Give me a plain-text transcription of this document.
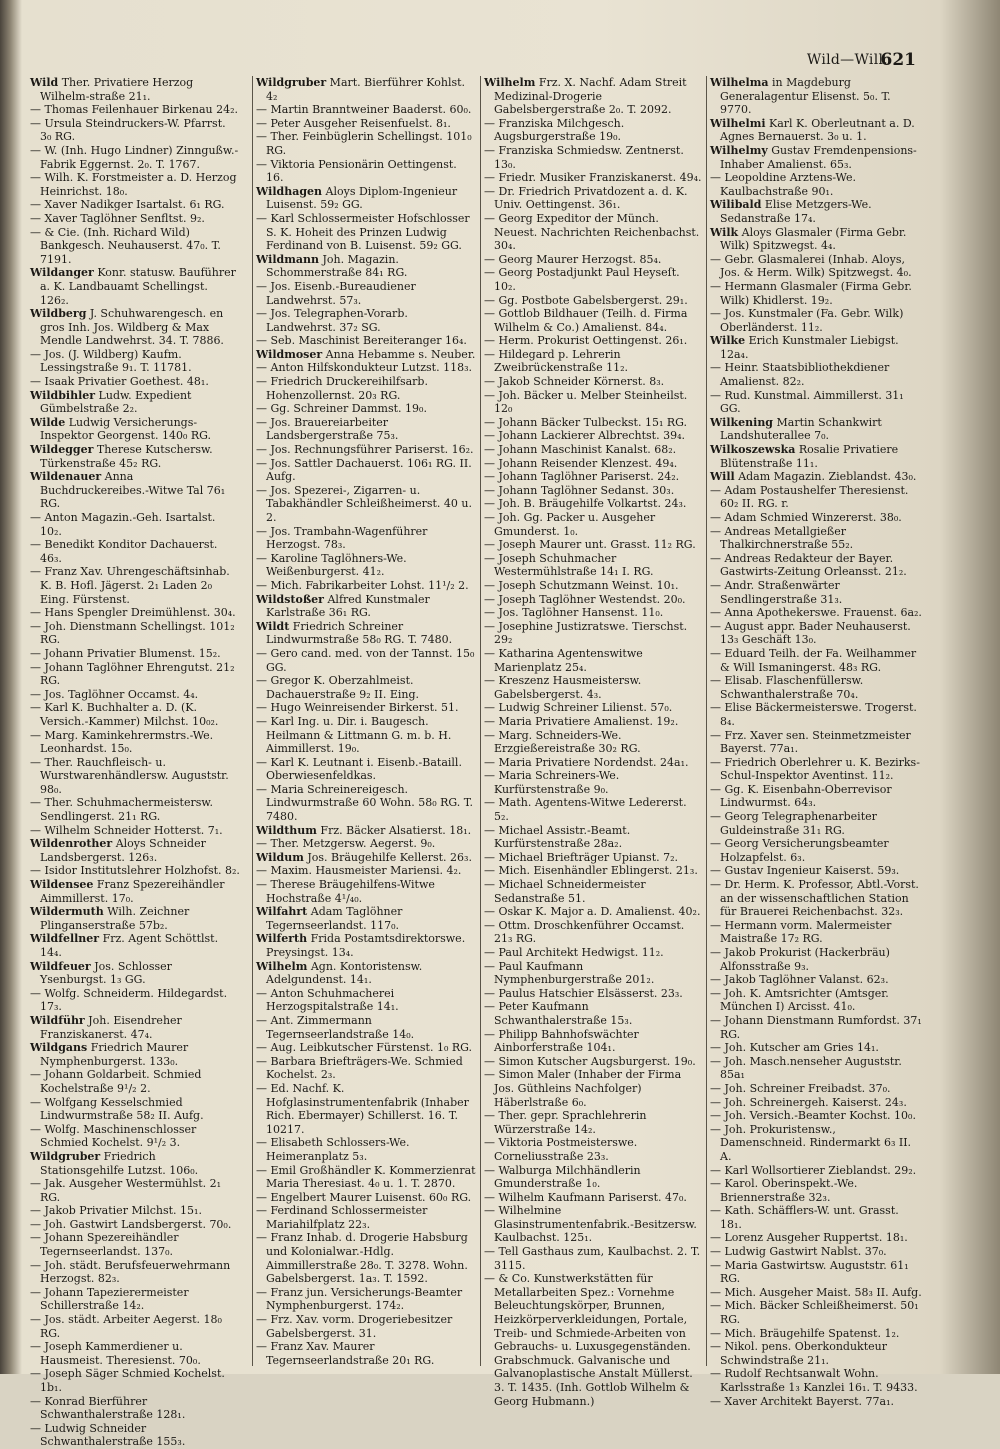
Wild—Will.
621

Wild Ther. Privatiere Herzog Wilhelm-straße 21₁.

— Thomas Feilenhauer Birkenau 24₂.

— Ursula Steindruckers-W. Pfarrst. 3₀ RG.

— W. (Inh. Hugo Lindner) Zinngußw.-Fabrik Eggernst. 2₀. T. 1767.

— Wilh. K. Forstmeister a. D. Herzog Heinrichst. 18₀.

— Xaver Nadikger Isartalst. 6₁ RG.

— Xaver Taglöhner Senfltst. 9₂.

— & Cie. (Inh. Richard Wild) Bankgesch. Neuhauserst. 47₀. T. 7191.

Wildanger Konr. statusw. Bauführer a. K. Landbauamt Schellingst. 126₂.

Wildberg J. Schuhwarengesch. en gros Inh. Jos. Wildberg & Max Mendle Landwehrst. 34. T. 7886.

— Jos. (J. Wildberg) Kaufm. Lessingstraße 9₁. T. 11781.

— Isaak Privatier Goethest. 48₁.

Wildbihler Ludw. Expedient Gümbelstraße 2₂.

Wilde Ludwig Versicherungs-Inspektor Georgenst. 140₀ RG.

Wildegger Therese Kutschersw. Türkenstraße 45₂ RG.

Wildenauer Anna Buchdruckereibes.-Witwe Tal 76₁ RG.

— Anton Magazin.-Geh. Isartalst. 10₂.

— Benedikt Konditor Dachauerst. 46₃.

— Franz Xav. Uhrengeschäftsinhab. K. B. Hofl. Jägerst. 2₁ Laden 2₀ Eing. Fürstenst.

— Hans Spengler Dreimühlenst. 30₄.

— Joh. Dienstmann Schellingst. 101₂ RG.

— Johann Privatier Blumenst. 15₂.

— Johann Taglöhner Ehrengutst. 21₂ RG.

— Jos. Taglöhner Occamst. 4₄.

— Karl K. Buchhalter a. D. (K. Versich.-Kammer) Milchst. 10₀₂.

— Marg. Kaminkehrermstrs.-We. Leonhardst. 15₀.

— Ther. Rauchfleisch- u. Wurstwarenhändlersw. Auguststr. 98₀.

— Ther. Schuhmachermeistersw. Sendlingerst. 21₁ RG.

— Wilhelm Schneider Hotterst. 7₁.

Wildenrother Aloys Schneider Landsbergerst. 126₃.

— Isidor Institutslehrer Holzhofst. 8₂.

Wildensee Franz Spezereihändler Aimmillerst. 17₀.

Wildermuth Wilh. Zeichner Plinganserstraße 57b₂.

Wildfellner Frz. Agent Schöttlst. 14₄.

Wildfeuer Jos. Schlosser Ysenburgst. 1₃ GG.

— Wolfg. Schneiderm. Hildegardst. 17₃.

Wildführ Joh. Eisendreher Franziskanerst. 47₄.

Wildgans Friedrich Maurer Nymphenburgerst. 133₀.

— Johann Goldarbeit. Schmied Kochelstraße 9¹/₂ 2.

— Wolfgang Kesselschmied Lindwurmstraße 58₂ II. Aufg.

— Wolfg. Maschinenschlosser Schmied Kochelst. 9¹/₂ 3.

Wildgruber Friedrich Stationsgehilfe Lutzst. 106₀.

— Jak. Ausgeher Westermühlst. 2₁ RG.

— Jakob Privatier Milchst. 15₁.

— Joh. Gastwirt Landsbergerst. 70₀.

— Johann Spezereihändler Tegernseerlandst. 137₀.

— Joh. städt. Berufsfeuerwehrmann Herzogst. 82₃.

— Johann Tapezierermeister Schillerstraße 14₂.

— Jos. städt. Arbeiter Aegerst. 18₀ RG.

— Joseph Kammerdiener u. Hausmeist. Theresienst. 70₀.

— Joseph Säger Schmied Kochelst. 1b₁.

— Konrad Bierführer Schwanthalerstraße 128₁.

— Ludwig Schneider Schwanthalerstraße 155₃.

Wildgruber Mart. Bierführer Kohlst. 4₂

— Martin Branntweiner Baaderst. 60₀.

— Peter Ausgeher Reisenfuelst. 8₁.

— Ther. Feinbüglerin Schellingst. 101₀ RG.

— Viktoria Pensionärin Oettingenst. 16.

Wildhagen Aloys Diplom-Ingenieur Luisenst. 59₂ GG.

— Karl Schlossermeister Hofschlosser S. K. Hoheit des Prinzen Ludwig Ferdinand von B. Luisenst. 59₂ GG.

Wildmann Joh. Magazin. Schommerstraße 84₁ RG.

— Jos. Eisenb.-Bureaudiener Landwehrst. 57₃.

— Jos. Telegraphen-Vorarb. Landwehrst. 37₂ SG.

— Seb. Maschinist Bereiteranger 16₄.

Wildmoser Anna Hebamme s. Neuber.

— Anton Hilfskondukteur Lutzst. 118₃.

— Friedrich Druckereihilfsarb. Hohenzollernst. 20₃ RG.

— Gg. Schreiner Dammst. 19₀.

— Jos. Brauereiarbeiter Landsbergerstraße 75₃.

— Jos. Rechnungsführer Pariserst. 16₂.

— Jos. Sattler Dachauerst. 106₁ RG. II. Aufg.

— Jos. Spezerei-, Zigarren- u. Tabakhändler Schleißheimerst. 40 u. 2.

— Jos. Trambahn-Wagenführer Herzogst. 78₃.

— Karoline Taglöhners-We. Weißenburgerst. 41₂.

— Mich. Fabrikarbeiter Lohst. 11¹/₂ 2.

Wildstoßer Alfred Kunstmaler Karlstraße 36₁ RG.

Wildt Friedrich Schreiner Lindwurmstraße 58₀ RG. T. 7480.

— Gero cand. med. von der Tannst. 15₀ GG.

— Gregor K. Oberzahlmeist. Dachauerstraße 9₂ II. Eing.

— Hugo Weinreisender Birkerst. 51.

— Karl Ing. u. Dir. i. Baugesch. Heilmann & Littmann G. m. b. H. Aimmillerst. 19₀.

— Karl K. Leutnant i. Eisenb.-Bataill. Oberwiesenfeldkas.

— Maria Schreinereigesch. Lindwurmstraße 60 Wohn. 58₀ RG. T. 7480.

Wildthum Frz. Bäcker Alsatierst. 18₁.

— Ther. Metzgersw. Aegerst. 9₀.

Wildum Jos. Bräugehilfe Kellerst. 26₃.

— Maxim. Hausmeister Mariensi. 4₂.

— Therese Bräugehilfens-Witwe Hochstraße 4¹/₄₀.

Wilfahrt Adam Taglöhner Tegernseerlandst. 117₀.

Wilferth Frida Postamtsdirektorswe. Preysingst. 13₄.

Wilhelm Agn. Kontoristensw. Adelgundenst. 14₁.

— Anton Schuhmacherei Herzogspitalstraße 14₁.

— Ant. Zimmermann Tegernseerlandstraße 14₀.

— Aug. Leibkutscher Fürstenst. 1₀ RG.

— Barbara Briefträgers-We. Schmied Kochelst. 2₃.

— Ed. Nachf. K. Hofglasinstrumentenfabrik (Inhaber Rich. Ebermayer) Schillerst. 16. T. 10217.

— Elisabeth Schlossers-We. Heimeranplatz 5₃.

— Emil Großhändler K. Kommerzienrat Maria Theresiast. 4₀ u. 1. T. 2870.

— Engelbert Maurer Luisenst. 60₀ RG.

— Ferdinand Schlossermeister Mariahilfplatz 22₃.

— Franz Inhab. d. Drogerie Habsburg und Kolonialwar.-Hdlg. Aimmillerstraße 28₀. T. 3278. Wohn. Gabelsbergerst. 1a₃. T. 1592.

— Franz jun. Versicherungs-Beamter Nymphenburgerst. 174₂.

— Frz. Xav. vorm. Drogeriebesitzer Gabelsbergerst. 31.

— Franz Xav. Maurer Tegernseerlandstraße 20₁ RG.

Wilhelm Frz. X. Nachf. Adam Streit Medizinal-Drogerie Gabelsbergerstraße 2₀. T. 2092.

— Franziska Milchgesch. Augsburgerstraße 19₀.

— Franziska Schmiedsw. Zentnerst. 13₀.

— Friedr. Musiker Franziskanerst. 49₄.

— Dr. Friedrich Privatdozent a. d. K. Univ. Oettingenst. 36₁.

— Georg Expeditor der Münch. Neuest. Nachrichten Reichenbachst. 30₄.

— Georg Maurer Herzogst. 85₄.

— Georg Postadjunkt Paul Heyseſt. 10₂.

— Gg. Postbote Gabelsbergerst. 29₁.

— Gottlob Bildhauer (Teilh. d. Firma Wilhelm & Co.) Amalienst. 84₄.

— Herm. Prokurist Oettingenst. 26₁.

— Hildegard p. Lehrerin Zweibrückenstraße 11₂.

— Jakob Schneider Körnerst. 8₃.

— Joh. Bäcker u. Melber Steinheilst. 12₀

— Johann Bäcker Tulbeckst. 15₁ RG.

— Johann Lackierer Albrechtst. 39₄.

— Johann Maschinist Kanalst. 68₂.

— Johann Reisender Klenzest. 49₄.

— Johann Taglöhner Pariserst. 24₂.

— Johann Taglöhner Sedanst. 30₃.

— Joh. B. Bräugehilfe Volkartst. 24₃.

— Joh. Gg. Packer u. Ausgeher Gmunderst. 1₀.

— Joseph Maurer unt. Grasst. 11₂ RG.

— Joseph Schuhmacher Westermühlstraße 14₁ I. RG.

— Joseph Schutzmann Weinst. 10₁.

— Joseph Taglöhner Westendst. 20₀.

— Jos. Taglöhner Hansenst. 11₀.

— Josephine Justizratswe. Tierschst. 29₂

— Katharina Agentenswitwe Marienplatz 25₄.

— Kreszenz Hausmeistersw. Gabelsbergerst. 4₃.

— Ludwig Schreiner Lilienst. 57₀.

— Maria Privatiere Amalienst. 19₂.

— Marg. Schneiders-We. Erzgießereistraße 30₂ RG.

— Maria Privatiere Nordendst. 24a₁.

— Maria Schreiners-We. Kurfürstenstraße 9₀.

— Math. Agentens-Witwe Ledererst. 5₂.

— Michael Assistr.-Beamt. Kurfürstenstraße 28a₂.

— Michael Briefträger Upianst. 7₂.

— Mich. Eisenhändler Eblingerst. 21₃.

— Michael Schneidermeister Sedanstraße 51.

— Oskar K. Major a. D. Amalienst. 40₂.

— Ottm. Droschkenführer Occamst. 21₃ RG.

— Paul Architekt Hedwigst. 11₂.

— Paul Kaufmann Nymphenburgerstraße 201₂.

— Paulus Hatschier Elsässerst. 23₃.

— Peter Kaufmann Schwanthalerstraße 15₃.

— Philipp Bahnhofswächter Ainborferstraße 104₁.

— Simon Kutscher Augsburgerst. 19₀.

— Simon Maler (Inhaber der Firma Jos. Güthleins Nachfolger) Häberlstraße 6₀.

— Ther. gepr. Sprachlehrerin Würzerstraße 14₂.

— Viktoria Postmeisterswe. Corneliusstraße 23₃.

— Walburga Milchhändlerin Gmunderstraße 1₀.

— Wilhelm Kaufmann Pariserst. 47₀.

— Wilhelmine Glasinstrumentenfabrik.-Besitzersw. Kaulbachst. 125₁.

— Tell Gasthaus zum, Kaulbachst. 2. T. 3115.

— & Co. Kunstwerkstätten für Metallarbeiten Spez.: Vornehme Beleuchtungskörper, Brunnen, Heizkörperverkleidungen, Portale, Treib- und Schmiede-Arbeiten von Gebrauchs- u. Luxusgegenständen. Grabschmuck. Galvanische und Galvanoplastische Anstalt Müllerst. 3. T. 1435. (Inh. Gottlob Wilhelm & Georg Hubmann.)

Wilhelma in Magdeburg Generalagentur Elisenst. 5₀. T. 9770.

Wilhelmi Karl K. Oberleutnant a. D. Agnes Bernauerst. 3₀ u. 1.

Wilhelmy Gustav Fremdenpensions-Inhaber Amalienst. 65₃.

— Leopoldine Arztens-We. Kaulbachstraße 90₁.

Wilibald Elise Metzgers-We. Sedanstraße 17₄.

Wilk Aloys Glasmaler (Firma Gebr. Wilk) Spitzwegst. 4₄.

— Gebr. Glasmalerei (Inhab. Aloys, Jos. & Herm. Wilk) Spitzwegst. 4₀.

— Hermann Glasmaler (Firma Gebr. Wilk) Khidlerst. 19₂.

— Jos. Kunstmaler (Fa. Gebr. Wilk) Oberländerst. 11₂.

Wilke Erich Kunstmaler Liebigst. 12a₄.

— Heinr. Staatsbibliothekdiener Amalienst. 82₂.

— Rud. Kunstmal. Aimmillerst. 31₁ GG.

Wilkening Martin Schankwirt Landshuterallee 7₀.

Wilkoszewska Rosalie Privatiere Blütenstraße 11₁.

Will Adam Magazin. Zieblandst. 43₀.

— Adam Postaushelfer Theresienst. 60₂ II. RG. r.

— Adam Schmied Winzererst. 38₀.

— Andreas Metallgießer Thalkirchnerstraße 55₂.

— Andreas Redakteur der Bayer. Gastwirts-Zeitung Orleansst. 21₂.

— Andr. Straßenwärter Sendlingerstraße 31₃.

— Anna Apothekerswe. Frauenst. 6a₂.

— August appr. Bader Neuhauserst. 13₃ Geschäft 13₀.

— Eduard Teilh. der Fa. Weilhammer & Will Ismaningerst. 48₃ RG.

— Elisab. Flaschenfüllersw. Schwanthalerstraße 70₄.

— Elise Bäckermeisterswe. Trogerst. 8₄.

— Frz. Xaver sen. Steinmetzmeister Bayerst. 77a₁.

— Friedrich Oberlehrer u. K. Bezirks-Schul-Inspektor Aventinst. 11₂.

— Gg. K. Eisenbahn-Oberrevisor Lindwurmst. 64₃.

— Georg Telegraphenarbeiter Guldeinstraße 31₁ RG.

— Georg Versicherungsbeamter Holzapfelst. 6₃.

— Gustav Ingenieur Kaiserst. 59₃.

— Dr. Herm. K. Professor, Abtl.-Vorst. an der wissenschaftlichen Station für Brauerei Reichenbachst. 32₃.

— Hermann vorm. Malermeister Maistraße 17₂ RG.

— Jakob Prokurist (Hackerbräu) Alfonsstraße 9₃.

— Jakob Taglöhner Valanst. 62₃.

— Joh. K. Amtsrichter (Amtsger. München I) Arcisst. 41₀.

— Johann Dienstmann Rumfordst. 37₁ RG.

— Joh. Kutscher am Gries 14₁.

— Joh. Masch.nenseher Auguststr. 85a₁

— Joh. Schreiner Freibadst. 37₀.

— Joh. Schreinergeh. Kaiserst. 24₃.

— Joh. Versich.-Beamter Kochst. 10₀.

— Joh. Prokuristensw., Damenschneid. Rindermarkt 6₃ II. A.

— Karl Wollsortierer Zieblandst. 29₂.

— Karol. Oberinspekt.-We. Briennerstraße 32₃.

— Kath. Schäfflers-W. unt. Grasst. 18₁.

— Lorenz Ausgeher Ruppertst. 18₁.

— Ludwig Gastwirt Nablst. 37₀.

— Maria Gastwirtsw. Auguststr. 61₁ RG.

— Mich. Ausgeher Maist. 58₃ II. Aufg.

— Mich. Bäcker Schleißheimerst. 50₁ RG.

— Mich. Bräugehilfe Spatenst. 1₂.

— Nikol. pens. Oberkondukteur Schwindstraße 21₁.

— Rudolf Rechtsanwalt Wohn. Karlsstraße 1₃ Kanzlei 16₁. T. 9433.

— Xaver Architekt Bayerst. 77a₁.
